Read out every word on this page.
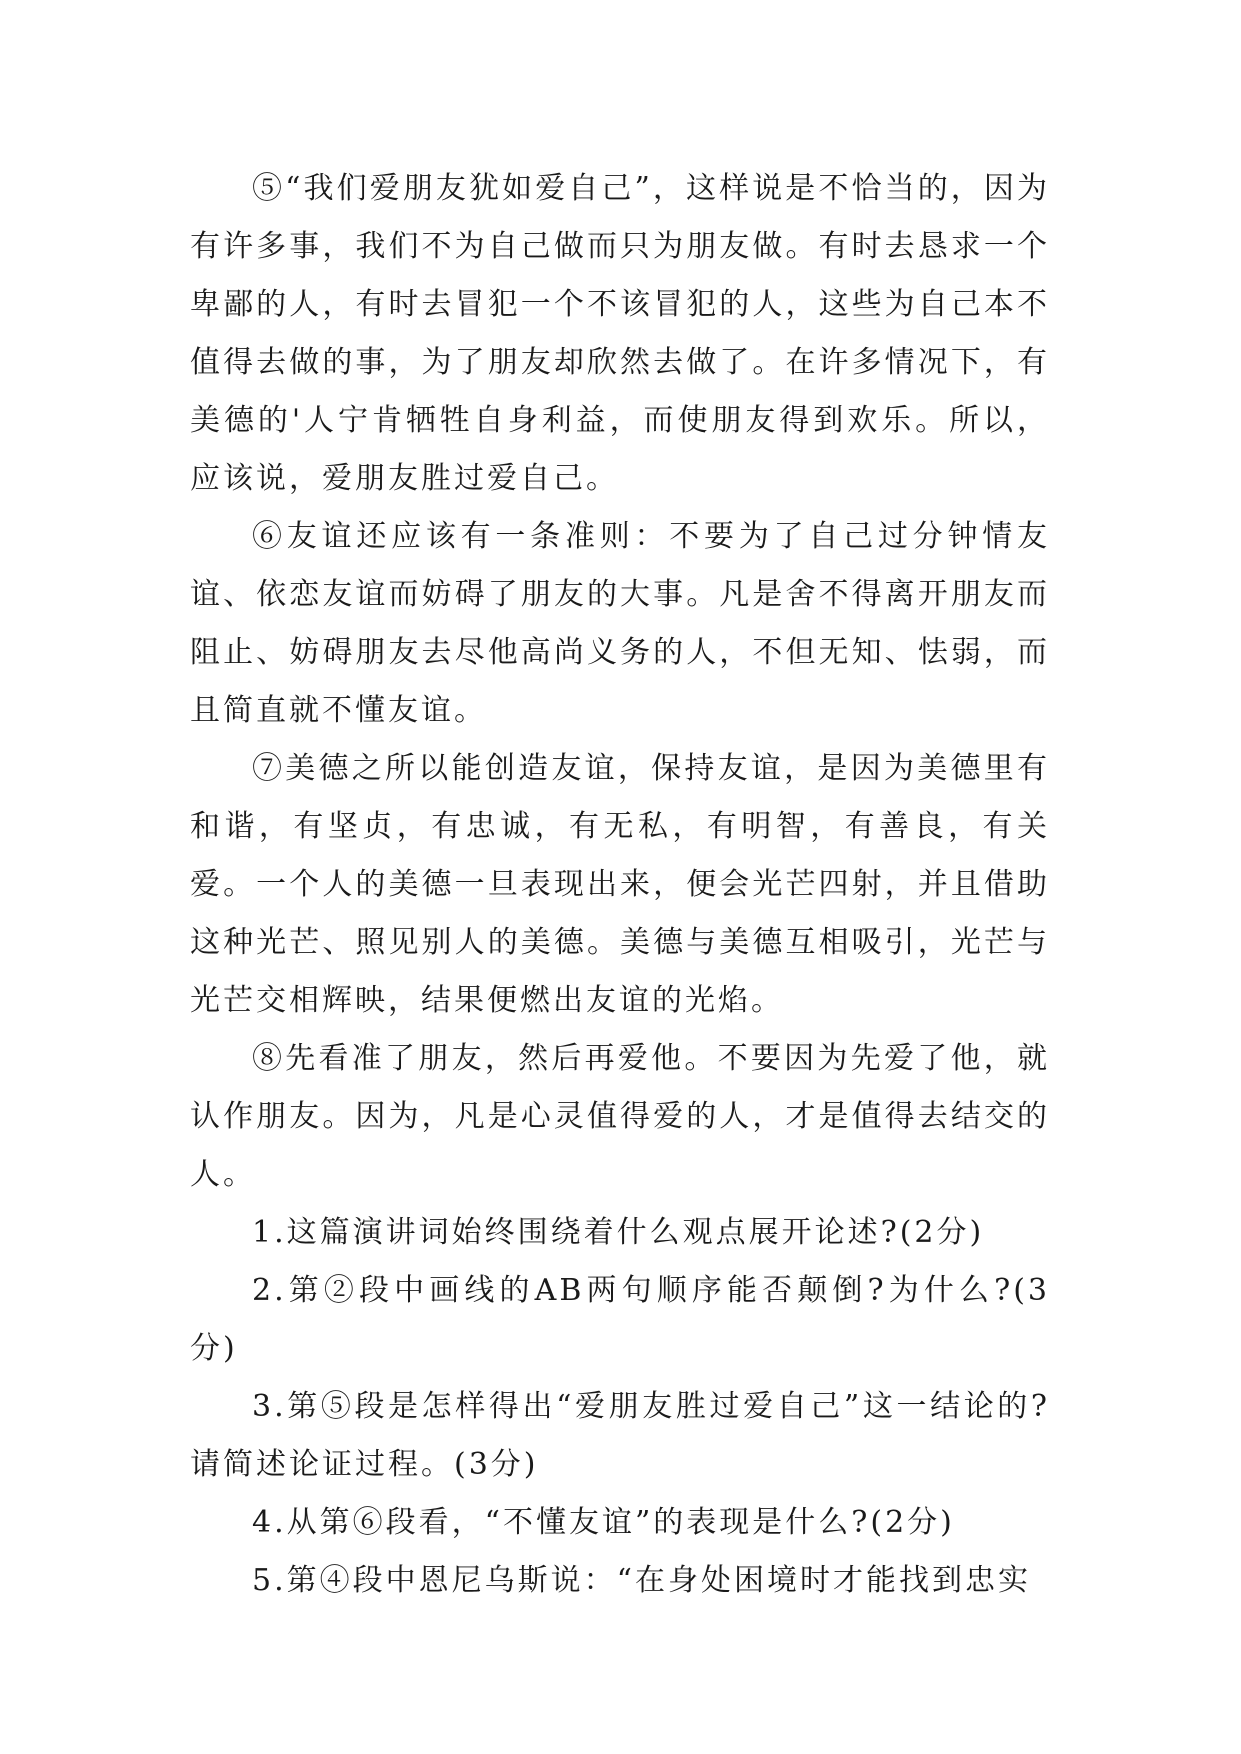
⑤“我们爱朋友犹如爱自己”，这样说是不恰当的，因为有许多事，我们不为自己做而只为朋友做。有时去恳求一个卑鄙的人，有时去冒犯一个不该冒犯的人，这些为自己本不值得去做的事，为了朋友却欣然去做了。在许多情况下，有美德的'人宁肯牺牲自身利益，而使朋友得到欢乐。所以，应该说，爱朋友胜过爱自己。

⑥友谊还应该有一条准则：不要为了自己过分钟情友谊、依恋友谊而妨碍了朋友的大事。凡是舍不得离开朋友而阻止、妨碍朋友去尽他高尚义务的人，不但无知、怯弱，而且简直就不懂友谊。

⑦美德之所以能创造友谊，保持友谊，是因为美德里有和谐，有坚贞，有忠诚，有无私，有明智，有善良，有关爱。一个人的美德一旦表现出来，便会光芒四射，并且借助这种光芒、照见别人的美德。美德与美德互相吸引，光芒与光芒交相辉映，结果便燃出友谊的光焰。

⑧先看准了朋友，然后再爱他。不要因为先爱了他，就认作朋友。因为，凡是心灵值得爱的人，才是值得去结交的人。

1.这篇演讲词始终围绕着什么观点展开论述?(2分)

2.第②段中画线的AB两句顺序能否颠倒?为什么?(3分)

3.第⑤段是怎样得出“爱朋友胜过爱自己”这一结论的?请简述论证过程。(3分)

4.从第⑥段看，“不懂友谊”的表现是什么?(2分)

5.第④段中恩尼乌斯说：“在身处困境时才能找到忠实
